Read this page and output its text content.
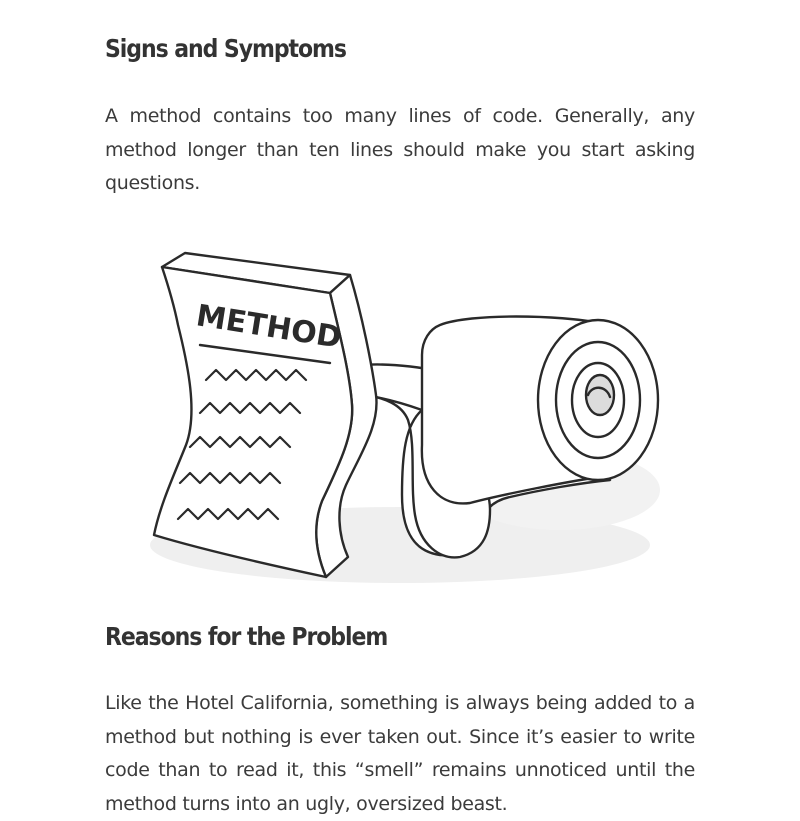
Signs and Symptoms

A method contains too many lines of code. Generally, any method longer than ten lines should make you start asking questions.

METHOD
Reasons for the Problem

Like the Hotel California, something is always being added to a method but nothing is ever taken out. Since it’s easier to write code than to read it, this “smell” remains unnoticed until the method turns into an ugly, oversized beast.
